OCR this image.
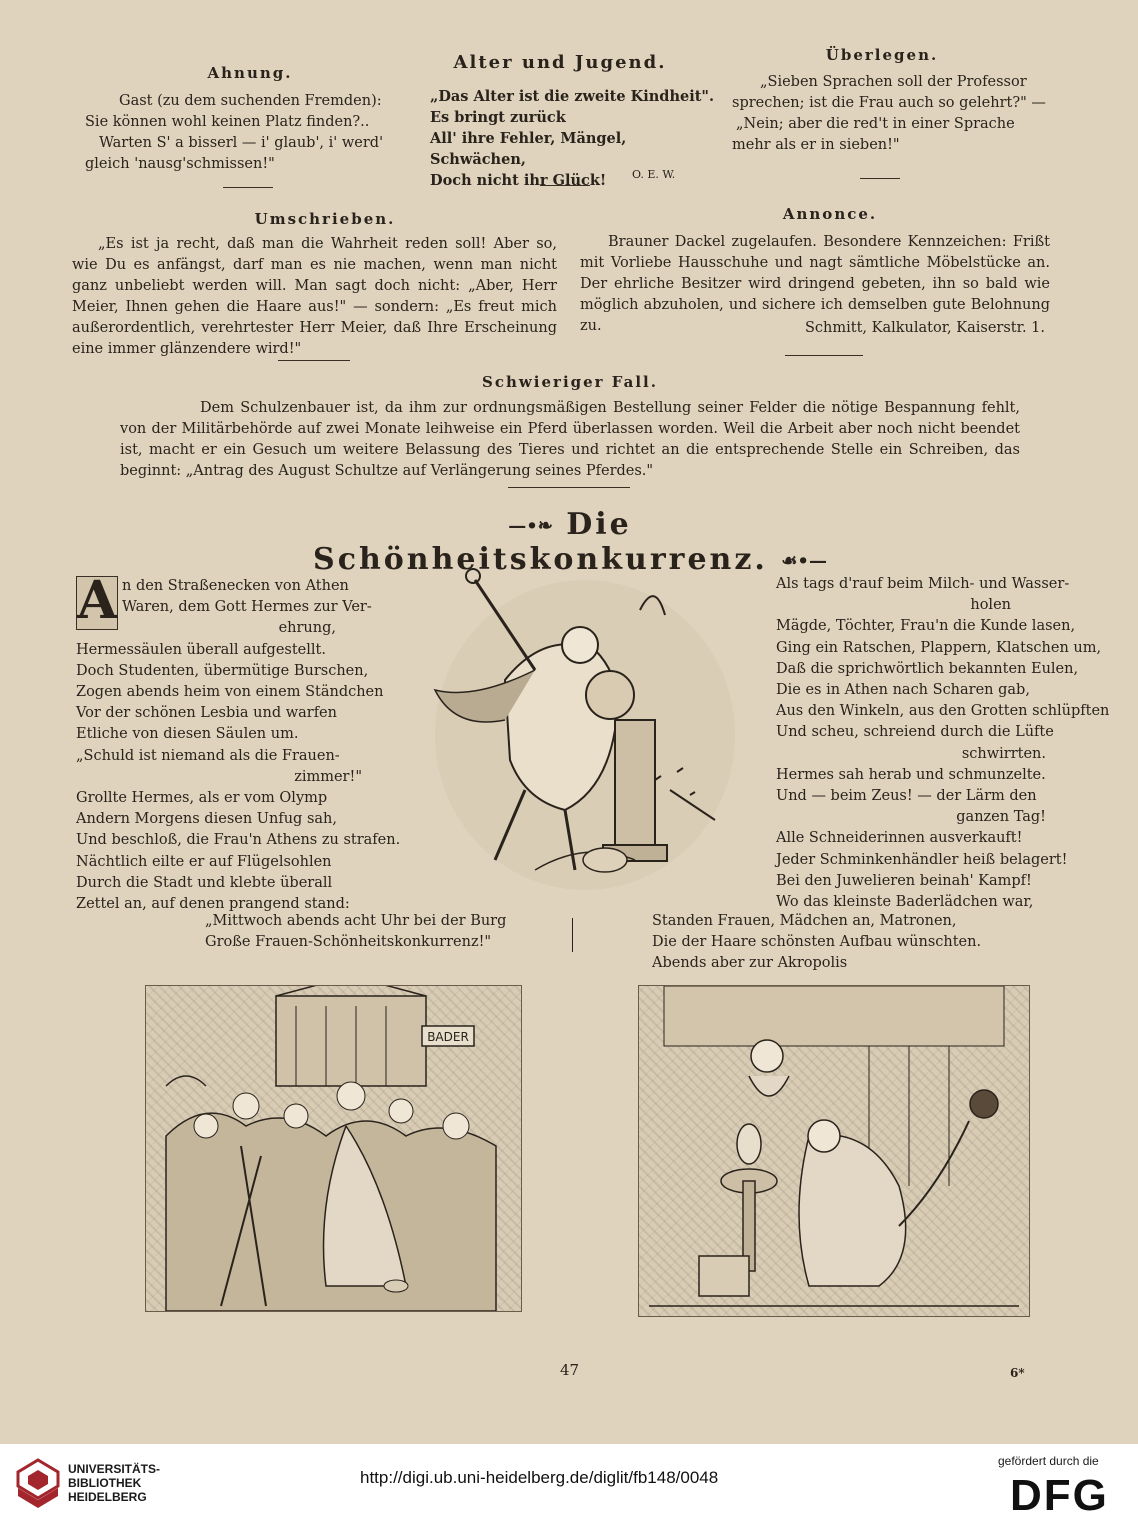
Ahnung.
Gast (zu dem suchenden Fremden):
Sie können wohl keinen Platz finden?..
Warten S' a bisserl — i' glaub', i' werd'
gleich 'nausg'schmissen!"
Alter und Jugend.
„Das Alter ist die zweite Kindheit".
Es bringt zurück
All' ihre Fehler, Mängel, Schwächen,
Doch nicht ihr Glück!	O. E. W.
Überlegen.
„Sieben Sprachen soll der Professor
sprechen; ist die Frau auch so gelehrt?" —
„Nein; aber die red't in einer Sprache
mehr als er in sieben!"
Umschrieben.
„Es ist ja recht, daß man die Wahrheit reden soll! Aber so, wie Du es anfängst, darf man es nie machen, wenn man nicht ganz unbeliebt werden will. Man sagt doch nicht: „Aber, Herr Meier, Ihnen gehen die Haare aus!" — sondern: „Es freut mich außerordentlich, verehrtester Herr Meier, daß Ihre Erscheinung eine immer glänzendere wird!"
Annonce.
Brauner Dackel zugelaufen. Besondere Kennzeichen: Frißt mit Vorliebe Hausschuhe und nagt sämtliche Möbelstücke an. Der ehrliche Besitzer wird dringend gebeten, ihn so bald wie möglich abzuholen, und sichere ich demselben gute Belohnung zu.	Schmitt, Kalkulator, Kaiserstr. 1.
Schwieriger Fall.
Dem Schulzenbauer ist, da ihm zur ordnungsmäßigen Bestellung seiner Felder die nötige Bespannung fehlt, von der Militärbehörde auf zwei Monate leihweise ein Pferd überlassen worden. Weil die Arbeit aber noch nicht beendet ist, macht er ein Gesuch um weitere Belassung des Tieres und richtet an die entsprechende Stelle ein Schreiben, das beginnt: „Antrag des August Schultze auf Verlängerung seines Pferdes."
—•❧ Die Schönheitskonkurrenz. ☙•—
A n den Straßenecken von Athen
Waren, dem Gott Hermes zur Ver-
ehrung,
Hermessäulen überall aufgestellt.
Doch Studenten, übermütige Burschen,
Zogen abends heim von einem Ständchen
Vor der schönen Lesbia und warfen
Etliche von diesen Säulen um.
„Schuld ist niemand als die Frauen-
zimmer!"
Grollte Hermes, als er vom Olymp
Andern Morgens diesen Unfug sah,
Und beschloß, die Frau'n Athens zu strafen.
Nächtlich eilte er auf Flügelsohlen
Durch die Stadt und klebte überall
Zettel an, auf denen prangend stand:
„Mittwoch abends acht Uhr bei der Burg
Große Frauen-Schönheitskonkurrenz!"
Standen Frauen, Mädchen an, Matronen,
Die der Haare schönsten Aufbau wünschten.
Abends aber zur Akropolis
Als tags d'rauf beim Milch- und Wasser-
holen
Mägde, Töchter, Frau'n die Kunde lasen,
Ging ein Ratschen, Plappern, Klatschen um,
Daß die sprichwörtlich bekannten Eulen,
Die es in Athen nach Scharen gab,
Aus den Winkeln, aus den Grotten schlüpften
Und scheu, schreiend durch die Lüfte
schwirrten.
Hermes sah herab und schmunzelte.
Und — beim Zeus! — der Lärm den
ganzen Tag!
Alle Schneiderinnen ausverkauft!
Jeder Schminkenhändler heiß belagert!
Bei den Juwelieren beinah' Kampf!
Wo das kleinste Baderlädchen war,
BADER
47	6*
UNIVERSITÄTS-
BIBLIOTHEK
HEIDELBERG
http://digi.ub.uni-heidelberg.de/diglit/fb148/0048
gefördert durch die
DFG
